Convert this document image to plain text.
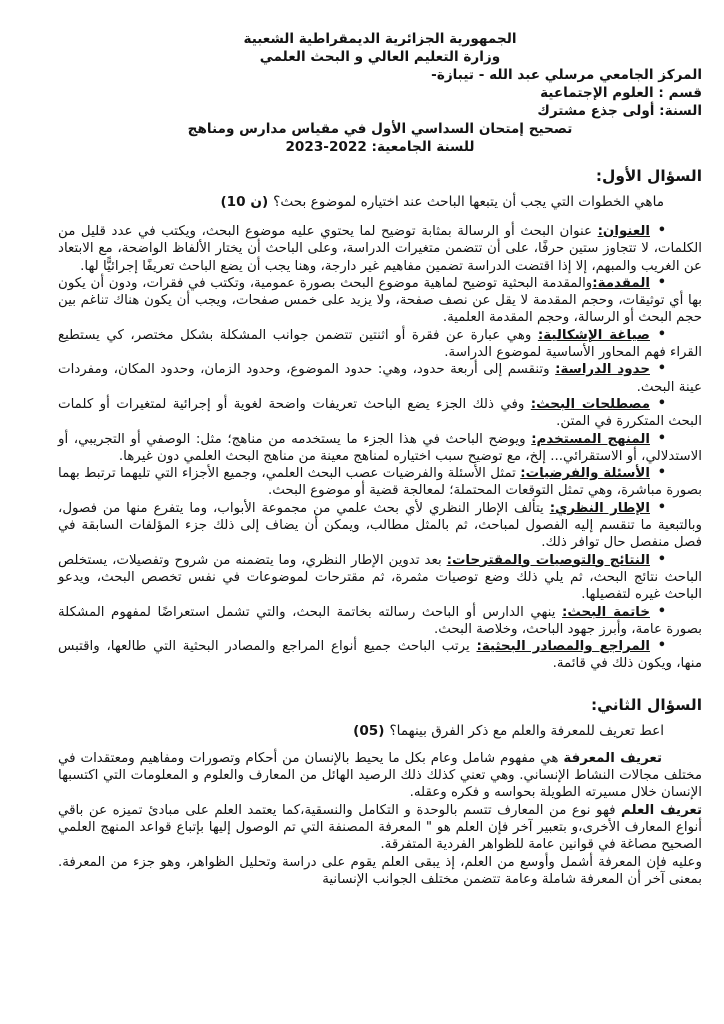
الجمهورية الجزائرية الديمقراطية الشعبية
وزارة التعليم العالي و البحث العلمي
المركز الجامعي مرسلي عبد الله - تيبازة-
قسم : العلوم الإجتماعية
السنة: أولى جذع مشترك
تصحيح إمتحان السداسي الأول في مقياس مدارس ومناهج
للسنة الجامعية: 2022‏-‏2023
السؤال الأول:

ماهي الخطوات التي يجب أن يتبعها الباحث عند اختياره لموضوع بحث؟(10 ن)

•
العنوان: عنوان البحث أو الرسالة بمثابة توضيح لما يحتوي عليه موضوع البحث، ويكتب في عدد قليل من الكلمات، لا تتجاوز ستين حرفًا، على أن تتضمن متغيرات الدراسة، وعلى الباحث أن يختار الألفاظ الواضحة، مع الابتعاد عن الغريب والمبهم، إلا إذا اقتضت الدراسة تضمين مفاهيم غير دارجة، وهنا يجب أن يضع الباحث تعريفًا إجرائيًّا لها.

•
المقدمة:والمقدمة البحثية توضيح لماهية موضوع البحث بصورة عمومية، وتكتب في فقرات، ودون أن يكون بها أي توثيقات، وحجم المقدمة لا يقل عن نصف صفحة، ولا يزيد على خمس صفحات، ويجب أن يكون هناك تناغم بين حجم البحث أو الرسالة، وحجم المقدمة العلمية.

•
صياغة الإشكالية: وهي عبارة عن فقرة أو اثنتين تتضمن جوانب المشكلة بشكل مختصر، كي يستطيع القراء فهم المحاور الأساسية لموضوع الدراسة.

•
حدود الدراسة: وتنقسم إلى أربعة حدود، وهي: حدود الموضوع، وحدود الزمان، وحدود المكان، ومفردات عينة البحث.

•
مصطلحات البحث: وفي ذلك الجزء يضع الباحث تعريفات واضحة لغوية أو إجرائية لمتغيرات أو كلمات البحث المتكررة في المتن.

•
المنهج المستخدم: ويوضح الباحث في هذا الجزء ما يستخدمه من مناهج؛ مثل: الوصفي أو التجريبي، أو الاستدلالي، أو الاستقرائي... إلخ، مع توضيح سبب اختياره لمناهج معينة من مناهج البحث العلمي دون غيرها.

•
الأسئلة والفرضيات: تمثل الأسئلة والفرضيات عصب البحث العلمي، وجميع الأجزاء التي تليهما ترتبط بهما بصورة مباشرة، وهي تمثل التوقعات المحتملة؛ لمعالجة قضية أو موضوع البحث.

•
الإطار النظري: يتألف الإطار النظري لأي بحث علمي من مجموعة الأبواب، وما يتفرع منها من فصول، وبالتبعية ما تنقسم إليه الفصول لمباحث، ثم بالمثل مطالب، ويمكن أن يضاف إلى ذلك جزء المؤلفات السابقة في فصل منفصل حال توافر ذلك.

•
النتائج والتوصيات والمقترحات: بعد تدوين الإطار النظري، وما يتضمنه من شروح وتفصيلات، يستخلص الباحث نتائج البحث، ثم يلي ذلك وضع توصيات مثمرة، ثم مقترحات لموضوعات في نفس تخصص البحث، ويدعو الباحث غيره لتفصيلها.

•
خاتمة البحث: ينهي الدارس أو الباحث رسالته بخاتمة البحث، والتي تشمل استعراضًا لمفهوم المشكلة بصورة عامة، وأبرز جهود الباحث، وخلاصة البحث.

•
المراجع والمصادر البحثية: يرتب الباحث جميع أنواع المراجع والمصادر البحثية التي طالعها، واقتبس منها، ويكون ذلك في قائمة.

السؤال الثاني:

اعط تعريف للمعرفة والعلم مع ذكر الفرق بينهما؟(05)

تعريف المعرفة هي مفهوم شامل وعام بكل ما يحيط بالإنسان من أحكام وتصورات ومفاهيم ومعتقدات في مختلف مجالات النشاط الإنساني. وهي تعني كذلك ذلك الرصيد الهائل من المعارف والعلوم و المعلومات التي اكتسبها الإنسان خلال مسيرته الطويلة بحواسه و فكره وعقله.

تعريف العلم فهو نوع من المعارف تتسم بالوحدة و التكامل والنسقية،كما يعتمد العلم على مبادئ تميزه عن باقي أنواع المعارف الأخرى،و بتعبير آخر فإن العلم هو " المعرفة المصنفة التي تم الوصول إليها بإتباع قواعد المنهج العلمي الصحيح مصاغة في قوانين عامة للظواهر الفردية المتفرقة.

وعليه فإن المعرفة أشمل وأوسع من العلم، إذ يبقى العلم يقوم على دراسة وتحليل الظواهر، وهو جزء من المعرفة. بمعنى آخر أن المعرفة شاملة وعامة تتضمن مختلف الجوانب الإنسانية
